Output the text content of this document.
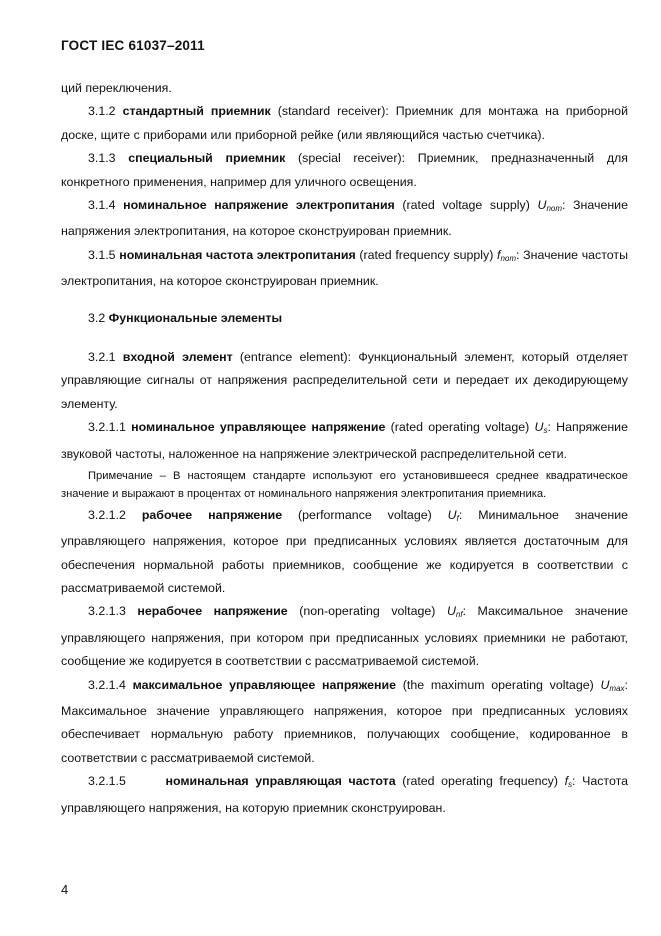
ГОСТ IEC 61037–2011

ций переключения.

3.1.2 стандартный приемник (standard receiver): Приемник для монтажа на приборной доске, щите с приборами или приборной рейке (или являющийся частью счетчика).

3.1.3 специальный приемник (special receiver): Приемник, предназначенный для конкретного применения, например для уличного освещения.

3.1.4 номинальное напряжение электропитания (rated voltage supply) $U_{nom}$: Значение напряжения электропитания, на которое сконструирован приемник.

3.1.5 номинальная частота электропитания (rated frequency supply) $f_{nom}$: Значение частоты электропитания, на которое сконструирован приемник.

3.2 Функциональные элементы

3.2.1 входной элемент (entrance element): Функциональный элемент, который отделяет управляющие сигналы от напряжения распределительной сети и передает их декодирующему элементу.

3.2.1.1 номинальное управляющее напряжение (rated operating voltage) $U_s$: Напряжение звуковой частоты, наложенное на напряжение электрической распределительной сети.

Примечание – В настоящем стандарте используют его установившееся среднее квадратическое значение и выражают в процентах от номинального напряжения электропитания приемника.

3.2.1.2 рабочее напряжение (performance voltage) $U_f$: Минимальное значение управляющего напряжения, которое при предписанных условиях является достаточным для обеспечения нормальной работы приемников, сообщение же кодируется в соответствии с рассматриваемой системой.

3.2.1.3 нерабочее напряжение (non-operating voltage) $U_{nf}$: Максимальное значение управляющего напряжения, при котором при предписанных условиях приемники не работают, сообщение же кодируется в соответствии с рассматриваемой системой.

3.2.1.4 максимальное управляющее напряжение (the maximum operating voltage) $U_{max}$: Максимальное значение управляющего напряжения, которое при предписанных условиях обеспечивает нормальную работу приемников, получающих сообщение, кодированное в соответствии с рассматриваемой системой.

3.2.1.5      номинальная управляющая частота (rated operating frequency) $f_s$: Частота управляющего напряжения, на которую приемник сконструирован.

4
